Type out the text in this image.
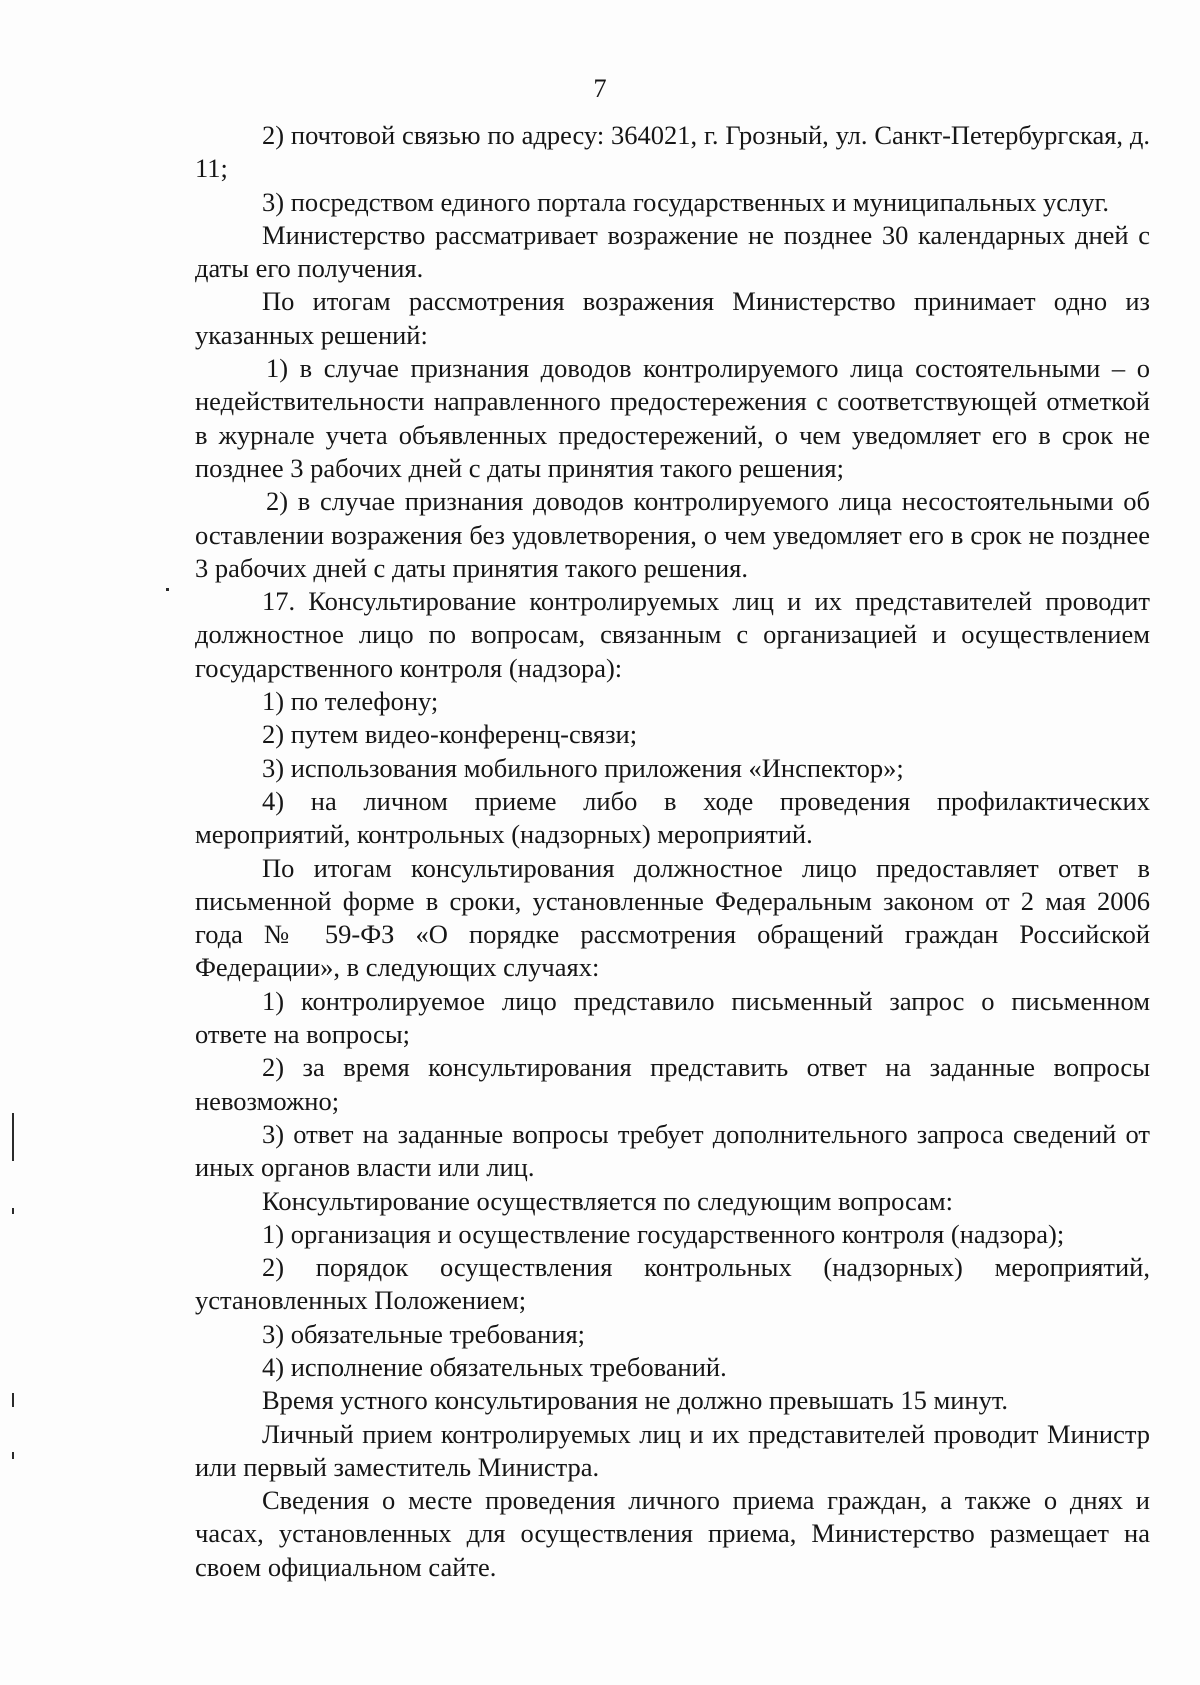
7

2) почтовой связью по адресу: 364021, г. Грозный, ул. Санкт-Петербургская, д. 11;

3) посредством единого портала государственных и муниципальных услуг.

Министерство рассматривает возражение не позднее 30 календарных дней с даты его получения.

По итогам рассмотрения возражения Министерство принимает одно из указанных решений:

1) в случае признания доводов контролируемого лица состоятельными – о недействительности направленного предостережения с соответствующей отметкой в журнале учета объявленных предостережений, о чем уведомляет его в срок не позднее 3 рабочих дней с даты принятия такого решения;

2) в случае признания доводов контролируемого лица несостоятельными об оставлении возражения без удовлетворения, о чем уведомляет его в срок не позднее 3 рабочих дней с даты принятия такого решения.

17. Консультирование контролируемых лиц и их представителей проводит должностное лицо по вопросам, связанным с организацией и осуществлением государственного контроля (надзора):

1) по телефону;

2) путем видео-конференц-связи;

3) использования мобильного приложения «Инспектор»;

4) на личном приеме либо в ходе проведения профилактических мероприятий, контрольных (надзорных) мероприятий.

По итогам консультирования должностное лицо предоставляет ответ в письменной форме в сроки, установленные Федеральным законом от 2 мая 2006 года № 59-ФЗ «О порядке рассмотрения обращений граждан Российской Федерации», в следующих случаях:

1) контролируемое лицо представило письменный запрос о письменном ответе на вопросы;

2) за время консультирования представить ответ на заданные вопросы невозможно;

3) ответ на заданные вопросы требует дополнительного запроса сведений от иных органов власти или лиц.

Консультирование осуществляется по следующим вопросам:

1) организация и осуществление государственного контроля (надзора);

2) порядок осуществления контрольных (надзорных) мероприятий, установленных Положением;

3) обязательные требования;

4) исполнение обязательных требований.

Время устного консультирования не должно превышать 15 минут.

Личный прием контролируемых лиц и их представителей проводит Министр или первый заместитель Министра.

Сведения о месте проведения личного приема граждан, а также о днях и часах, установленных для осуществления приема, Министерство размещает на своем официальном сайте.
